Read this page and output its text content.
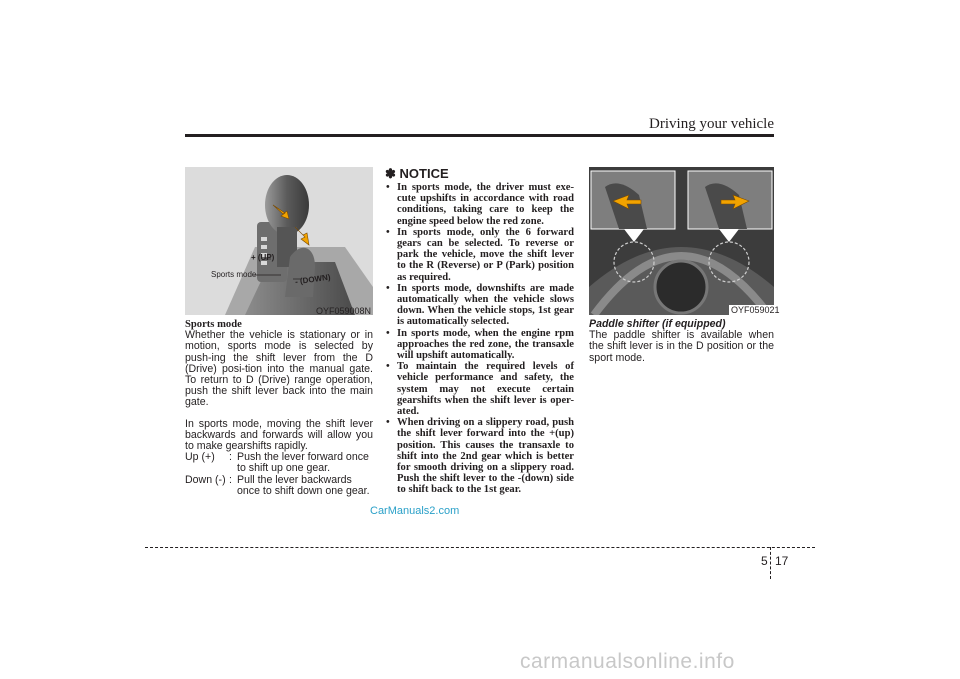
Driving your vehicle
+ (UP)
- (DOWN)
Sports mode
OYF059008N
Sports mode

Whether the vehicle is stationary or in motion, sports mode is selected by push-ing the shift lever from the D (Drive) posi-tion into the manual gate. To return to D (Drive) range operation, push the shift lever back into the main gate.

In sports mode, moving the shift lever backwards and forwards will allow you to make gearshifts rapidly.

Up (+)	: Push the lever forward once to shift up one gear.
Down (-) : Pull the lever backwards once to shift down one gear.
✽ NOTICE
• In sports mode, the driver must exe-cute upshifts in accordance with road conditions, taking care to keep the engine speed below the red zone.
• In sports mode, only the 6 forward gears can be selected. To reverse or park the vehicle, move the shift lever to the R (Reverse) or P (Park) position as required.
• In sports mode, downshifts are made automatically when the vehicle slows down. When the vehicle stops, 1st gear is automatically selected.
• In sports mode, when the engine rpm approaches the red zone, the transaxle will upshift automatically.
• To maintain the required levels of vehicle performance and safety, the system may not execute certain gearshifts when the shift lever is oper-ated.
• When driving on a slippery road, push the shift lever forward into the +(up) position. This causes the transaxle to shift into the 2nd gear which is better for smooth driving on a slippery road. Push the shift lever to the -(down) side to shift back to the 1st gear.
OYF059021
Paddle shifter (if equipped)

The paddle shifter is available when the shift lever is in the D position or the sport mode.

CarManuals2.com
5 17
carmanualsonline.info
